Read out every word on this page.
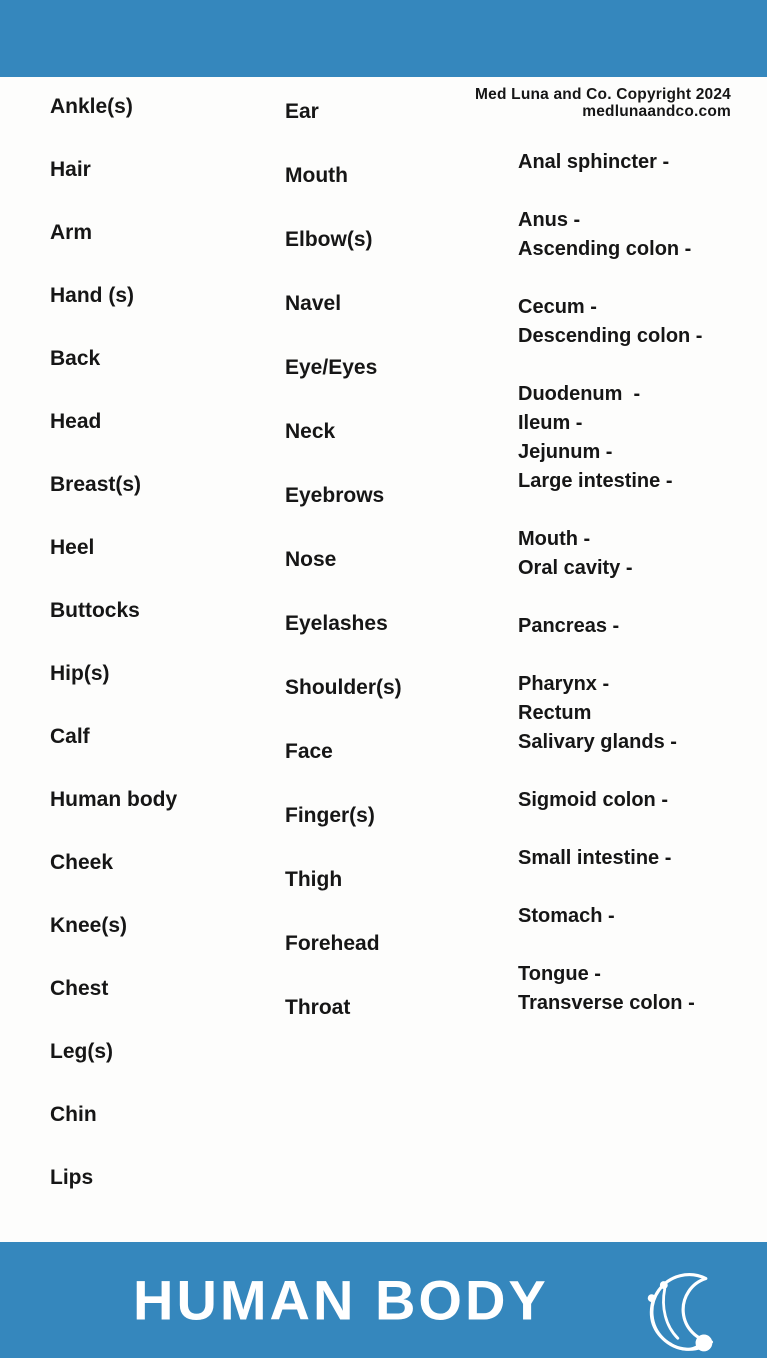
Med Luna and Co. Copyright 2024
medlunaandco.com
Ankle(s)
Hair
Arm
Hand (s)
Back
Head
Breast(s)
Heel
Buttocks
Hip(s)
Calf
Human body
Cheek
Knee(s)
Chest
Leg(s)
Chin
Lips
Ear
Mouth
Elbow(s)
Navel
Eye/Eyes
Neck
Eyebrows
Nose
Eyelashes
Shoulder(s)
Face
Finger(s)
Thigh
Forehead
Throat
Anal sphincter -
Anus -
Ascending colon -
Cecum -
Descending colon -
Duodenum  -
Ileum -
Jejunum -
Large intestine -
Mouth -
Oral cavity -
Pancreas -
Pharynx -
Rectum
Salivary glands -
Sigmoid colon -
Small intestine -
Stomach -
Tongue -
Transverse colon -
HUMAN BODY
